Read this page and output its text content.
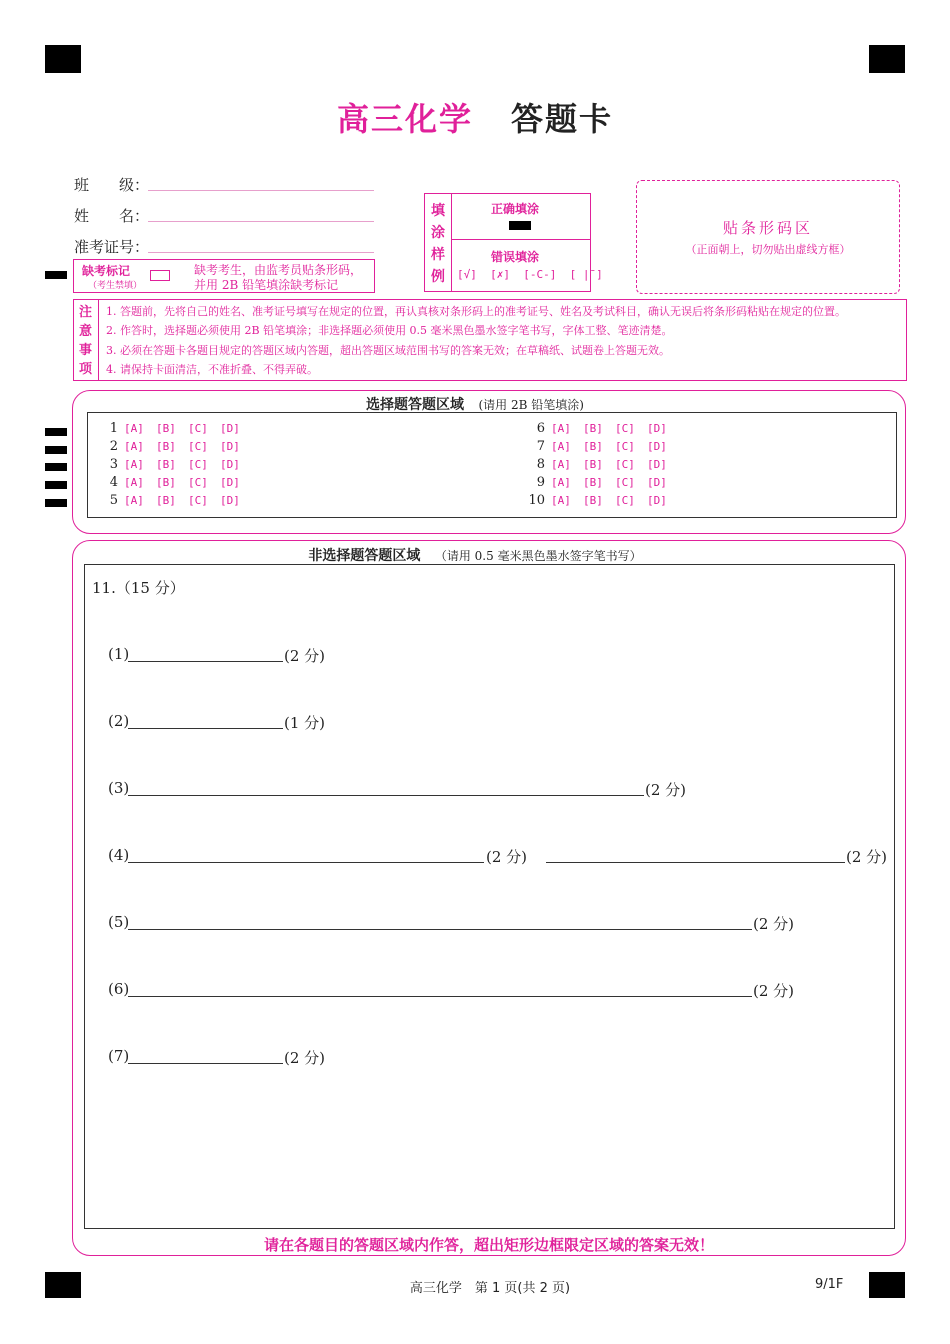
高三化学 答题卡
班　　级：
姓　　名：
准考证号：
缺考标记
（考生禁填）
缺考考生，由监考员贴条形码，
并用 2B 铅笔填涂缺考标记
填
涂
样
例
正确填涂
错误填涂
[√] [✗] [-C-] [ |̄ ]
贴条形码区
（正面朝上，切勿贴出虚线方框）
注
意
事
项
1. 答题前，先将自己的姓名、准考证号填写在规定的位置，再认真核对条形码上的准考证号、姓名及考试科目，确认无误后将条形码粘贴在规定的位置。
2. 作答时，选择题必须使用 2B 铅笔填涂；非选择题必须使用 0.5 毫米黑色墨水签字笔书写，字体工整、笔迹清楚。
3. 必须在答题卡各题目规定的答题区域内答题，超出答题区域范围书写的答案无效；在草稿纸、试题卷上答题无效。
4. 请保持卡面清洁，不准折叠、不得弄破。
选择题答题区域 (请用 2B 铅笔填涂)
1 [A] [B] [C] [D]
2 [A] [B] [C] [D]
3 [A] [B] [C] [D]
4 [A] [B] [C] [D]
5 [A] [B] [C] [D]
6 [A] [B] [C] [D]
7 [A] [B] [C] [D]
8 [A] [B] [C] [D]
9 [A] [B] [C] [D]
10 [A] [B] [C] [D]
非选择题答题区域 （请用 0.5 毫米黑色墨水签字笔书写）
11.（15 分）
(1)	(2 分)
(2)	(1 分)
(3)	(2 分)
(4)	(2 分)	(2 分)
(5)	(2 分)
(6)	(2 分)
(7)	(2 分)
请在各题目的答题区域内作答，超出矩形边框限定区域的答案无效！
高三化学　第 1 页(共 2 页)	9/1F
